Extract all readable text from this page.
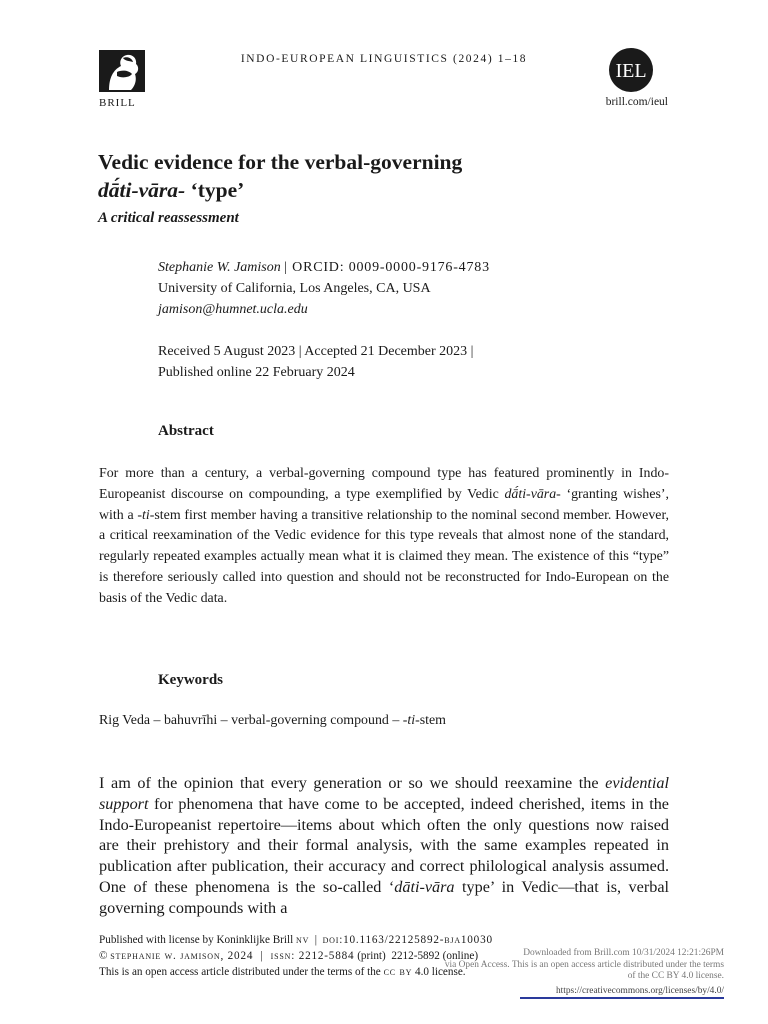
BRILL
INDO-EUROPEAN LINGUISTICS (2024) 1–18
IEL
brill.com/ieul
Vedic evidence for the verbal-governing
dā́ti-vāra- ‘type’
A critical reassessment
Stephanie W. Jamison | ORCID: 0009-0000-9176-4783
University of California, Los Angeles, CA, USA
jamison@humnet.ucla.edu
Received 5 August 2023 | Accepted 21 December 2023 |
Published online 22 February 2024
Abstract
For more than a century, a verbal-governing compound type has featured prominently in Indo-Europeanist discourse on compounding, a type exemplified by Vedic dā́ti-vāra- ‘granting wishes’, with a -ti-stem first member having a transitive relationship to the nominal second member. However, a critical reexamination of the Vedic evidence for this type reveals that almost none of the standard, regularly repeated examples actually mean what it is claimed they mean. The existence of this “type” is therefore seriously called into question and should not be reconstructed for Indo-European on the basis of the Vedic data.
Keywords
Rig Veda – bahuvrīhi – verbal-governing compound – -ti-stem
I am of the opinion that every generation or so we should reexamine the evidential support for phenomena that have come to be accepted, indeed cherished, items in the Indo-Europeanist repertoire—items about which often the only questions now raised are their prehistory and their formal analysis, with the same examples repeated in publication after publication, their accuracy and correct philological analysis assumed. One of these phenomena is the so-called ‘dāti-vāra type’ in Vedic—that is, verbal governing compounds with a
Published with license by Koninklijke Brill nv  |  doi:10.1163/22125892-bja10030
© stephanie w. jamison, 2024  |  issn: 2212-5884 (print)  2212-5892 (online)
This is an open access article distributed under the terms of the cc by 4.0 license.
Downloaded from Brill.com 10/31/2024 12:21:26PM
via Open Access. This is an open access article distributed under the terms
of the CC BY 4.0 license.
https://creativecommons.org/licenses/by/4.0/
